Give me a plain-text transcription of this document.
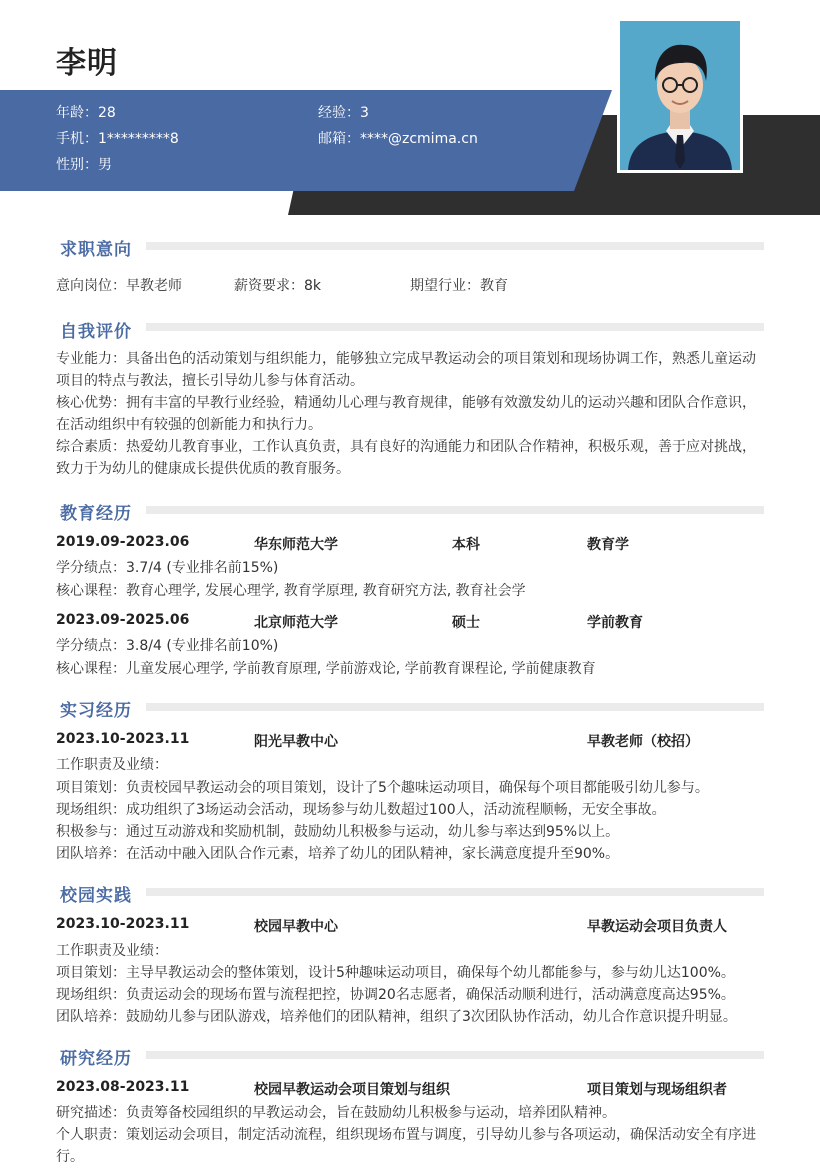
李明
年龄：28	经验：3
手机：1*********8	邮箱：****@zcmima.cn
性别：男
求职意向
意向岗位：早教老师	薪资要求：8k	期望行业：教育
自我评价
专业能力：具备出色的活动策划与组织能力，能够独立完成早教运动会的项目策划和现场协调工作，熟悉儿童运动项目的特点与教法，擅长引导幼儿参与体育活动。
核心优势：拥有丰富的早教行业经验，精通幼儿心理与教育规律，能够有效激发幼儿的运动兴趣和团队合作意识，在活动组织中有较强的创新能力和执行力。
综合素质：热爱幼儿教育事业，工作认真负责，具有良好的沟通能力和团队合作精神，积极乐观，善于应对挑战，致力于为幼儿的健康成长提供优质的教育服务。
教育经历
2019.09-2023.06	华东师范大学	本科	教育学
学分绩点：3.7/4 (专业排名前15%)
核心课程：教育心理学, 发展心理学, 教育学原理, 教育研究方法, 教育社会学
2023.09-2025.06	北京师范大学	硕士	学前教育
学分绩点：3.8/4 (专业排名前10%)
核心课程：儿童发展心理学, 学前教育原理, 学前游戏论, 学前教育课程论, 学前健康教育
实习经历
2023.10-2023.11	阳光早教中心	早教老师（校招）
工作职责及业绩：
项目策划：负责校园早教运动会的项目策划，设计了5个趣味运动项目，确保每个项目都能吸引幼儿参与。
现场组织：成功组织了3场运动会活动，现场参与幼儿数超过100人，活动流程顺畅，无安全事故。
积极参与：通过互动游戏和奖励机制，鼓励幼儿积极参与运动，幼儿参与率达到95%以上。
团队培养：在活动中融入团队合作元素，培养了幼儿的团队精神，家长满意度提升至90%。
校园实践
2023.10-2023.11	校园早教中心	早教运动会项目负责人
工作职责及业绩：
项目策划：主导早教运动会的整体策划，设计5种趣味运动项目，确保每个幼儿都能参与，参与幼儿达100%。
现场组织：负责运动会的现场布置与流程把控，协调20名志愿者，确保活动顺利进行，活动满意度高达95%。
团队培养：鼓励幼儿参与团队游戏，培养他们的团队精神，组织了3次团队协作活动，幼儿合作意识提升明显。
研究经历
2023.08-2023.11	校园早教运动会项目策划与组织	项目策划与现场组织者
研究描述：负责筹备校园组织的早教运动会，旨在鼓励幼儿积极参与运动，培养团队精神。
个人职责：策划运动会项目，制定活动流程，组织现场布置与调度，引导幼儿参与各项运动，确保活动安全有序进行。
